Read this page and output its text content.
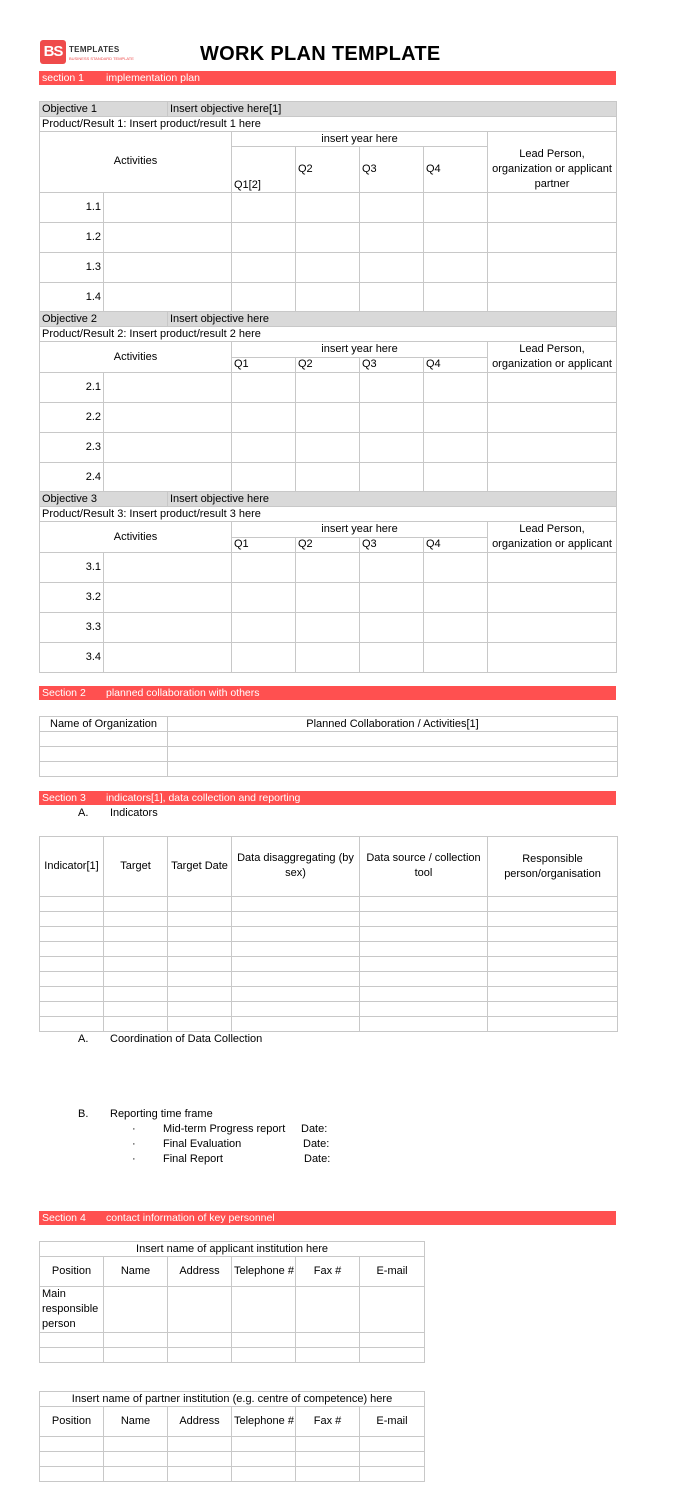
BS TEMPLATES
BUSINESS STANDARD TEMPLATE	WORK PLAN TEMPLATE
section 1 implementation plan
Objective 1		Insert objective here[1]					
Product/Result 1: Insert product/result 1 here							
Activities			insert year here				
			Q1[2]	Q2	Q3	Q4	Lead Person, organization or applicant partner
1.1							
1.2							
1.3							
1.4							
Objective 2		Insert objective here					
Product/Result 2: Insert product/result 2 here							
Activities			insert year here				Lead Person, organization or applicant
			Q1	Q2	Q3	Q4	
2.1							
2.2							
2.3							
2.4							
Objective 3		Insert objective here					
Product/Result 3: Insert product/result 3 here							
Activities			insert year here				Lead Person, organization or applicant
			Q1	Q2	Q3	Q4	
3.1							
3.2							
3.3							
3.4							
Section 2 planned collaboration with others
Name of Organization	Planned Collaboration / Activities[1]

Section 3 indicators[1], data collection and reporting
A. Indicators
Indicator[1]	Target	Target Date	Data disaggregating (by sex)	Data source / collection tool	Responsible person/organisation

A. Coordination of Data Collection
B. Reporting time frame
· Mid-term Progress report Date:
· Final Evaluation	Date:
· Final Report	Date:
Section 4 contact information of key personnel
Insert name of applicant institution here					
Position	Name	Address	Telephone #	Fax #	E-mail
Main responsible person					

Insert name of partner institution (e.g. centre of competence) here					
Position	Name	Address	Telephone #	Fax #	E-mail
